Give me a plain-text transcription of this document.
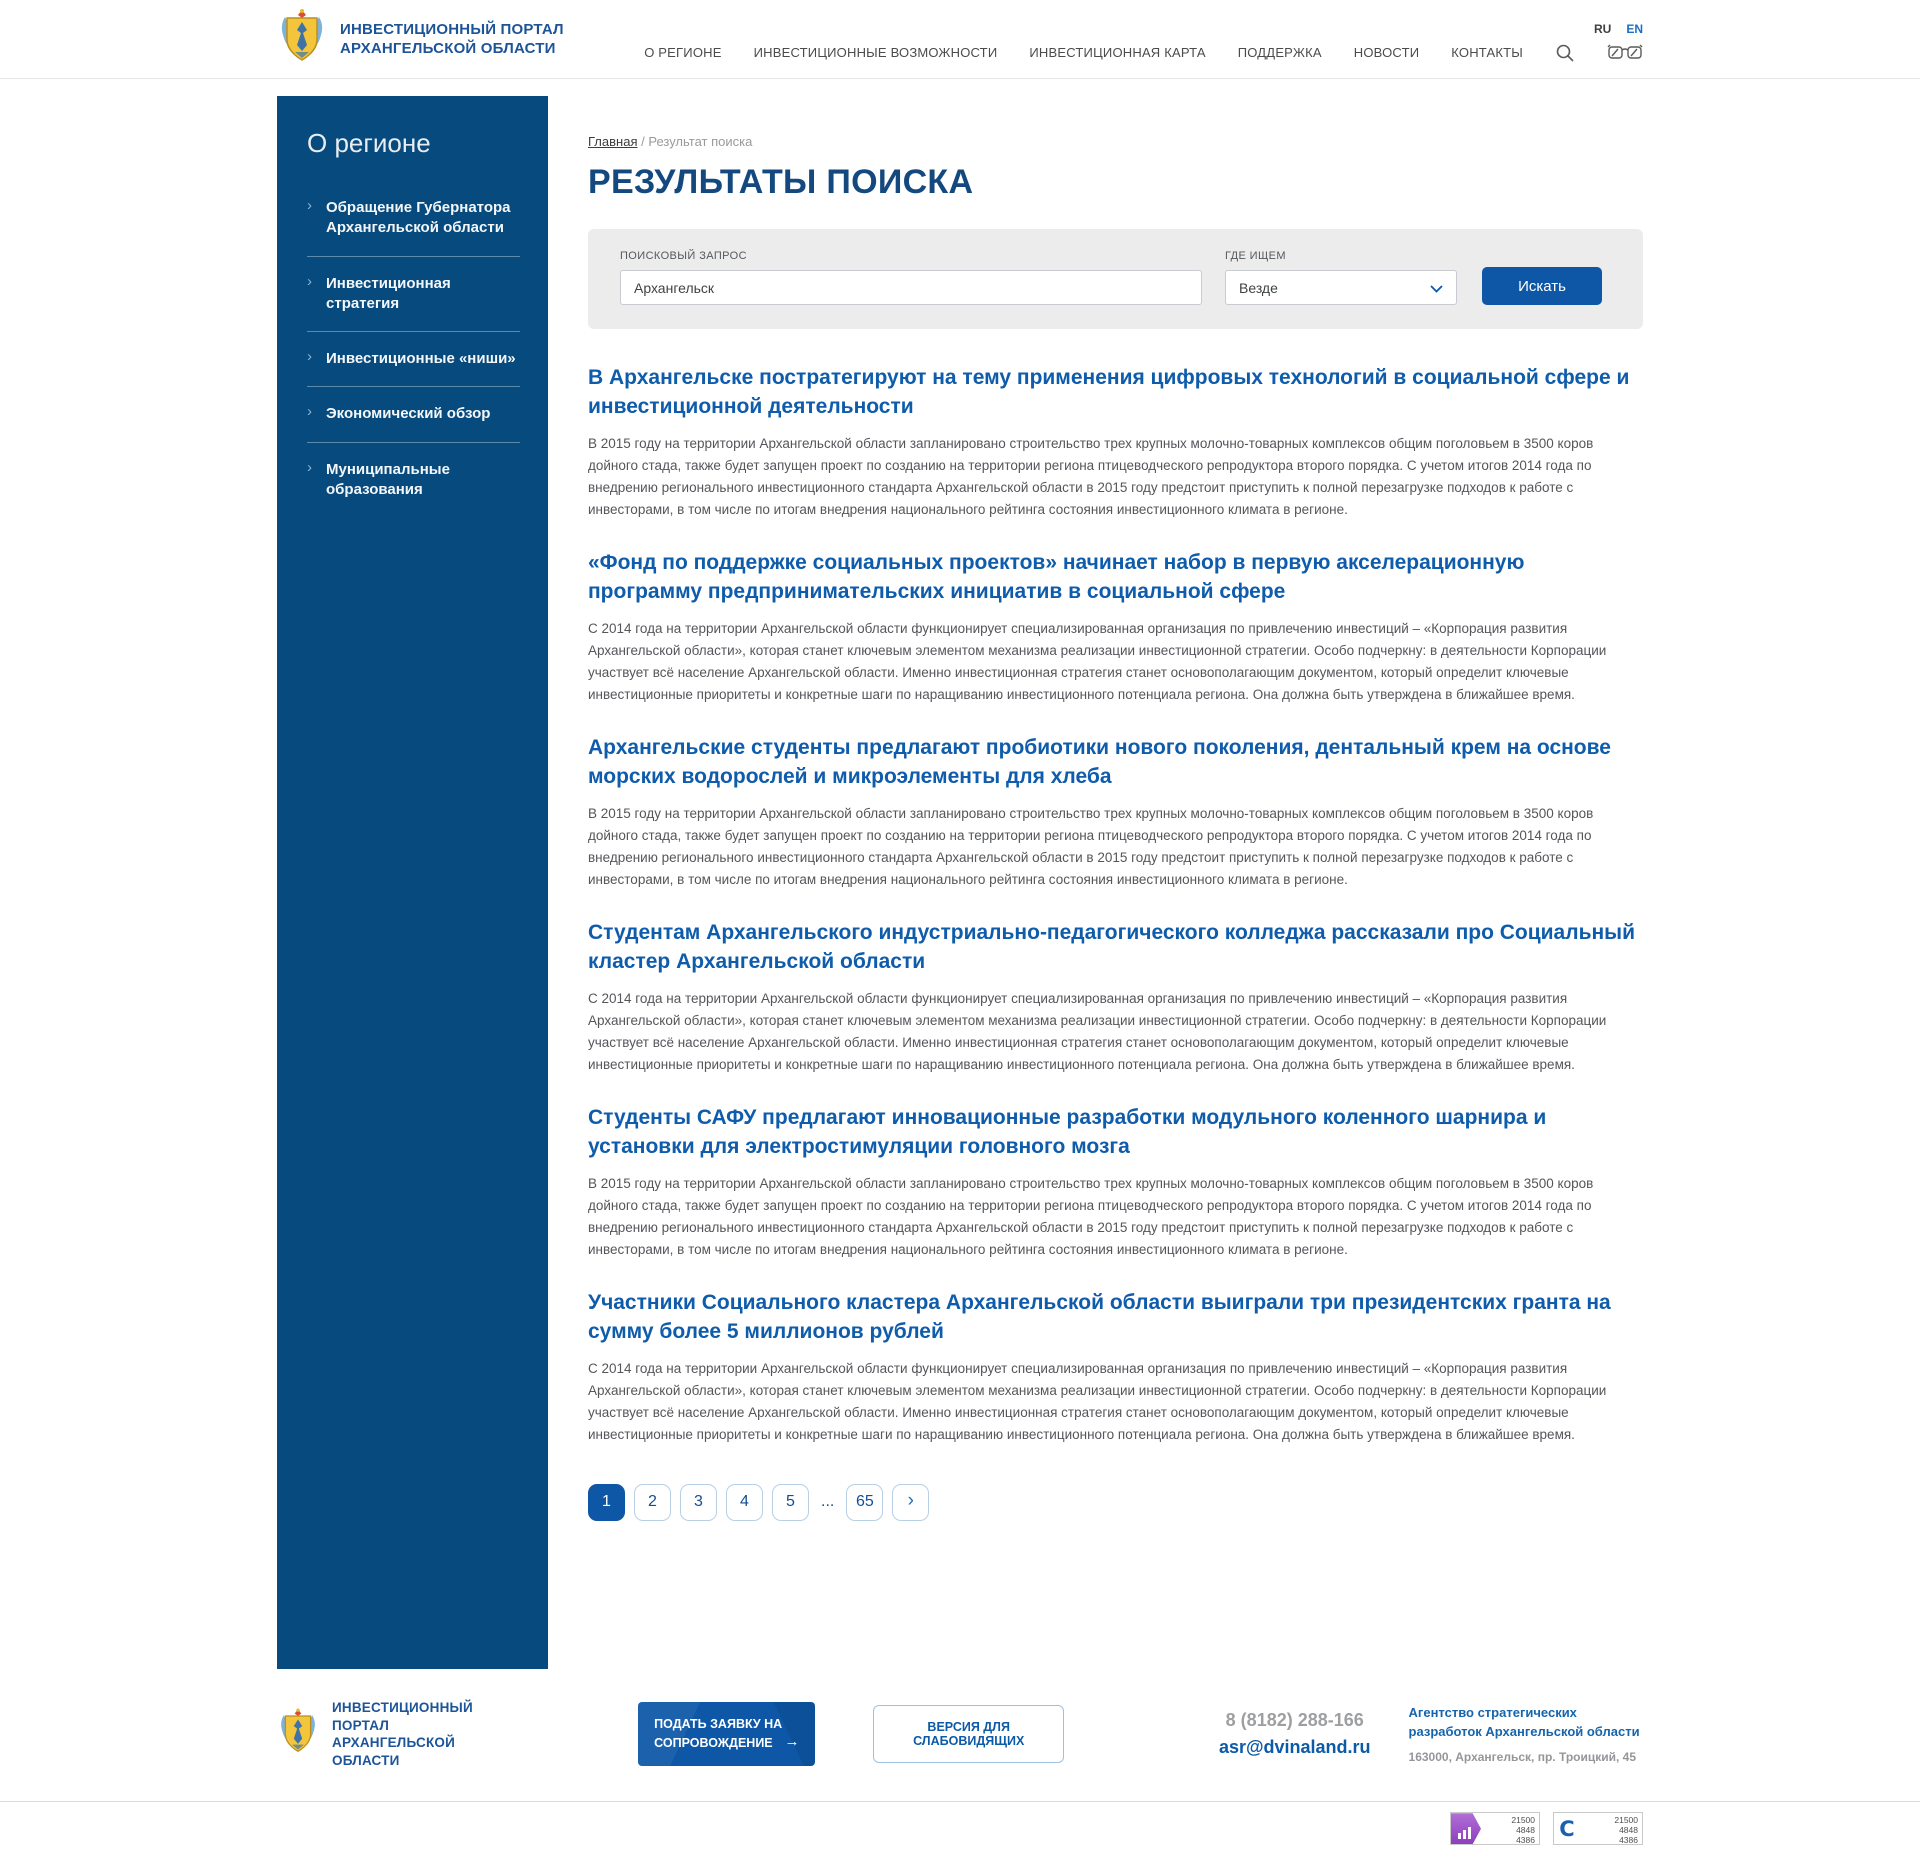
ИНВЕСТИЦИОННЫЙ ПОРТАЛ
АРХАНГЕЛЬСКОЙ ОБЛАСТИ
RU EN
О РЕГИОНЕ ИНВЕСТИЦИОННЫЕ ВОЗМОЖНОСТИ ИНВЕСТИЦИОННАЯ КАРТА ПОДДЕРЖКА НОВОСТИ КОНТАКТЫ
О регионе
› Обращение Губернатора Архангельской области
› Инвестиционная стратегия
› Инвестиционные «ниши»
› Экономический обзор
› Муниципальные образования
Главная / Результат поиска
РЕЗУЛЬТАТЫ ПОИСКА
ПОИСКОВЫЙ ЗАПРОС
Архангельск	ГДЕ ИЩЕМ
Везде	Искать
В Архангельске постратегируют на тему применения цифровых технологий в социальной сфере и инвестиционной деятельности

В 2015 году на территории Архангельской области запланировано строительство трех крупных молочно-товарных комплексов общим поголовьем в 3500 коров дойного стада, также будет запущен проект по созданию на территории региона птицеводческого репродуктора второго порядка. С учетом итогов 2014 года по внедрению регионального инвестиционного стандарта Архангельской области в 2015 году предстоит приступить к полной перезагрузке подходов к работе с инвесторами, в том числе по итогам внедрения национального рейтинга состояния инвестиционного климата в регионе.

«Фонд по поддержке социальных проектов» начинает набор в первую акселерационную программу предпринимательских инициатив в социальной сфере

С 2014 года на территории Архангельской области функционирует специализированная организация по привлечению инвестиций – «Корпорация развития Архангельской области», которая станет ключевым элементом механизма реализации инвестиционной стратегии. Особо подчеркну: в деятельности Корпорации участвует всё население Архангельской области. Именно инвестиционная стратегия станет основополагающим документом, который определит ключевые инвестиционные приоритеты и конкретные шаги по наращиванию инвестиционного потенциала региона. Она должна быть утверждена в ближайшее время.

Архангельские студенты предлагают пробиотики нового поколения, дентальный крем на основе морских водорослей и микроэлементы для хлеба

В 2015 году на территории Архангельской области запланировано строительство трех крупных молочно-товарных комплексов общим поголовьем в 3500 коров дойного стада, также будет запущен проект по созданию на территории региона птицеводческого репродуктора второго порядка. С учетом итогов 2014 года по внедрению регионального инвестиционного стандарта Архангельской области в 2015 году предстоит приступить к полной перезагрузке подходов к работе с инвесторами, в том числе по итогам внедрения национального рейтинга состояния инвестиционного климата в регионе.

Студентам Архангельского индустриально-педагогического колледжа рассказали про Социальный кластер Архангельской области

С 2014 года на территории Архангельской области функционирует специализированная организация по привлечению инвестиций – «Корпорация развития Архангельской области», которая станет ключевым элементом механизма реализации инвестиционной стратегии. Особо подчеркну: в деятельности Корпорации участвует всё население Архангельской области. Именно инвестиционная стратегия станет основополагающим документом, который определит ключевые инвестиционные приоритеты и конкретные шаги по наращиванию инвестиционного потенциала региона. Она должна быть утверждена в ближайшее время.

Студенты САФУ предлагают инновационные разработки модульного коленного шарнира и установки для электростимуляции головного мозга

В 2015 году на территории Архангельской области запланировано строительство трех крупных молочно-товарных комплексов общим поголовьем в 3500 коров дойного стада, также будет запущен проект по созданию на территории региона птицеводческого репродуктора второго порядка. С учетом итогов 2014 года по внедрению регионального инвестиционного стандарта Архангельской области в 2015 году предстоит приступить к полной перезагрузке подходов к работе с инвесторами, в том числе по итогам внедрения национального рейтинга состояния инвестиционного климата в регионе.

Участники Социального кластера Архангельской области выиграли три президентских гранта на сумму более 5 миллионов рублей

С 2014 года на территории Архангельской области функционирует специализированная организация по привлечению инвестиций – «Корпорация развития Архангельской области», которая станет ключевым элементом механизма реализации инвестиционной стратегии. Особо подчеркну: в деятельности Корпорации участвует всё население Архангельской области. Именно инвестиционная стратегия станет основополагающим документом, который определит ключевые инвестиционные приоритеты и конкретные шаги по наращиванию инвестиционного потенциала региона. Она должна быть утверждена в ближайшее время.

1	2	3	4	5	...	65	›
ИНВЕСТИЦИОННЫЙ ПОРТАЛ
АРХАНГЕЛЬСКОЙ ОБЛАСТИ
ПОДАТЬ ЗАЯВКУ НА СОПРОВОЖДЕНИЕ →
ВЕРСИЯ ДЛЯ СЛАБОВИДЯЩИХ
8 (8182) 288-166
asr@dvinaland.ru
Агентство стратегических разработок Архангельской области
163000, Архангельск, пр. Троицкий, 45
21500
4848
4386 C	21500
4848
4386
